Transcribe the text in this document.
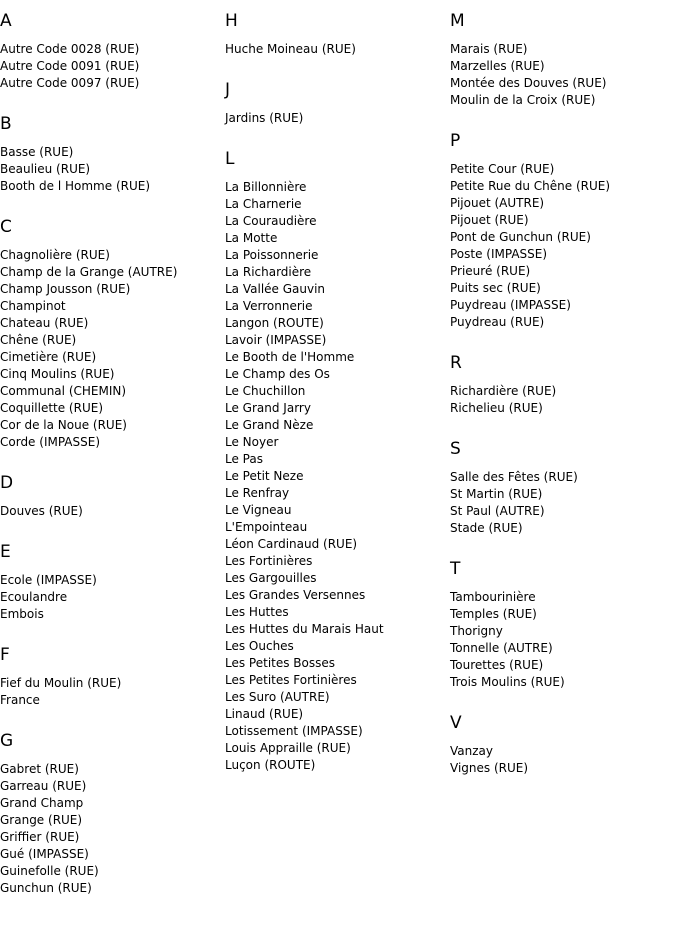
A
Autre Code 0028 (RUE)
Autre Code 0091 (RUE)
Autre Code 0097 (RUE)
B
Basse (RUE)
Beaulieu (RUE)
Booth de l Homme (RUE)
C
Chagnolière (RUE)
Champ de la Grange (AUTRE)
Champ Jousson (RUE)
Champinot
Chateau (RUE)
Chêne (RUE)
Cimetière (RUE)
Cinq Moulins (RUE)
Communal (CHEMIN)
Coquillette (RUE)
Cor de la Noue (RUE)
Corde (IMPASSE)
D
Douves (RUE)
E
Ecole (IMPASSE)
Ecoulandre
Embois
F
Fief du Moulin (RUE)
France
G
Gabret (RUE)
Garreau (RUE)
Grand Champ
Grange (RUE)
Griffier (RUE)
Gué (IMPASSE)
Guinefolle (RUE)
Gunchun (RUE)
H
Huche Moineau (RUE)
J
Jardins (RUE)
L
La Billonnière
La Charnerie
La Couraudière
La Motte
La Poissonnerie
La Richardière
La Vallée Gauvin
La Verronnerie
Langon (ROUTE)
Lavoir (IMPASSE)
Le Booth de l'Homme
Le Champ des Os
Le Chuchillon
Le Grand Jarry
Le Grand Nèze
Le Noyer
Le Pas
Le Petit Neze
Le Renfray
Le Vigneau
L'Empointeau
Léon Cardinaud (RUE)
Les Fortinières
Les Gargouilles
Les Grandes Versennes
Les Huttes
Les Huttes du Marais Haut
Les Ouches
Les Petites Bosses
Les Petites Fortinières
Les Suro (AUTRE)
Linaud (RUE)
Lotissement (IMPASSE)
Louis Appraille (RUE)
Luçon (ROUTE)
M
Marais (RUE)
Marzelles (RUE)
Montée des Douves (RUE)
Moulin de la Croix (RUE)
P
Petite Cour (RUE)
Petite Rue du Chêne (RUE)
Pijouet (AUTRE)
Pijouet (RUE)
Pont de Gunchun (RUE)
Poste (IMPASSE)
Prieuré (RUE)
Puits sec (RUE)
Puydreau (IMPASSE)
Puydreau (RUE)
R
Richardière (RUE)
Richelieu (RUE)
S
Salle des Fêtes (RUE)
St Martin (RUE)
St Paul (AUTRE)
Stade (RUE)
T
Tambourinière
Temples (RUE)
Thorigny
Tonnelle (AUTRE)
Tourettes (RUE)
Trois Moulins (RUE)
V
Vanzay
Vignes (RUE)
